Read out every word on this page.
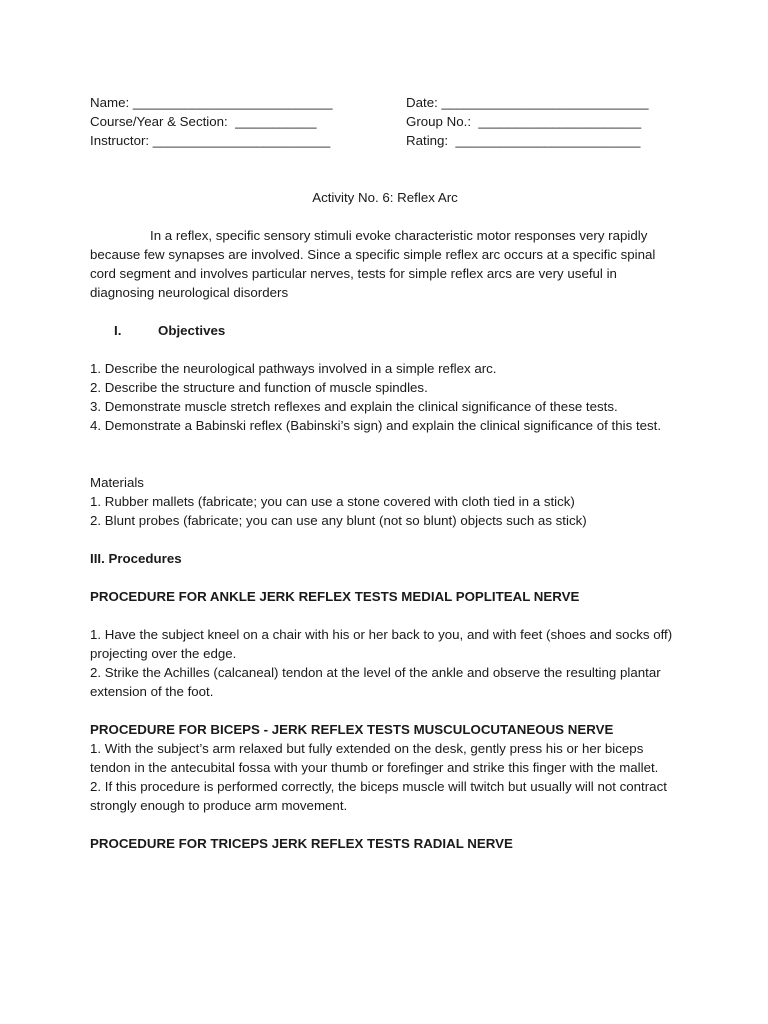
Name: ___________________________
Course/Year & Section:  ___________
Instructor: ________________________
Date: ____________________________
Group No.:  ______________________
Rating:  _________________________
Activity No. 6: Reflex Arc

In a reflex, specific sensory stimuli evoke characteristic motor responses very rapidly because few synapses are involved. Since a specific simple reflex arc occurs at a specific spinal cord segment and involves particular nerves, tests for simple reflex arcs are very useful in diagnosing neurological disorders

I.	Objectives
1. Describe the neurological pathways involved in a simple reflex arc.
2. Describe the structure and function of muscle spindles.
3. Demonstrate muscle stretch reflexes and explain the clinical significance of these tests.
4. Demonstrate a Babinski reflex (Babinski’s sign) and explain the clinical significance of this test.
Materials
1. Rubber mallets (fabricate; you can use a stone covered with cloth tied in a stick)
2. Blunt probes (fabricate; you can use any blunt (not so blunt) objects such as stick)
III. Procedures
PROCEDURE FOR ANKLE JERK REFLEX TESTS MEDIAL POPLITEAL NERVE
1. Have the subject kneel on a chair with his or her back to you, and with feet (shoes and socks off) projecting over the edge.
2. Strike the Achilles (calcaneal) tendon at the level of the ankle and observe the resulting plantar extension of the foot.
PROCEDURE FOR BICEPS - JERK REFLEX TESTS MUSCULOCUTANEOUS NERVE
1. With the subject’s arm relaxed but fully extended on the desk, gently press his or her biceps tendon in the antecubital fossa with your thumb or forefinger and strike this finger with the mallet.
2. If this procedure is performed correctly, the biceps muscle will twitch but usually will not contract strongly enough to produce arm movement.
PROCEDURE FOR TRICEPS JERK REFLEX TESTS RADIAL NERVE
